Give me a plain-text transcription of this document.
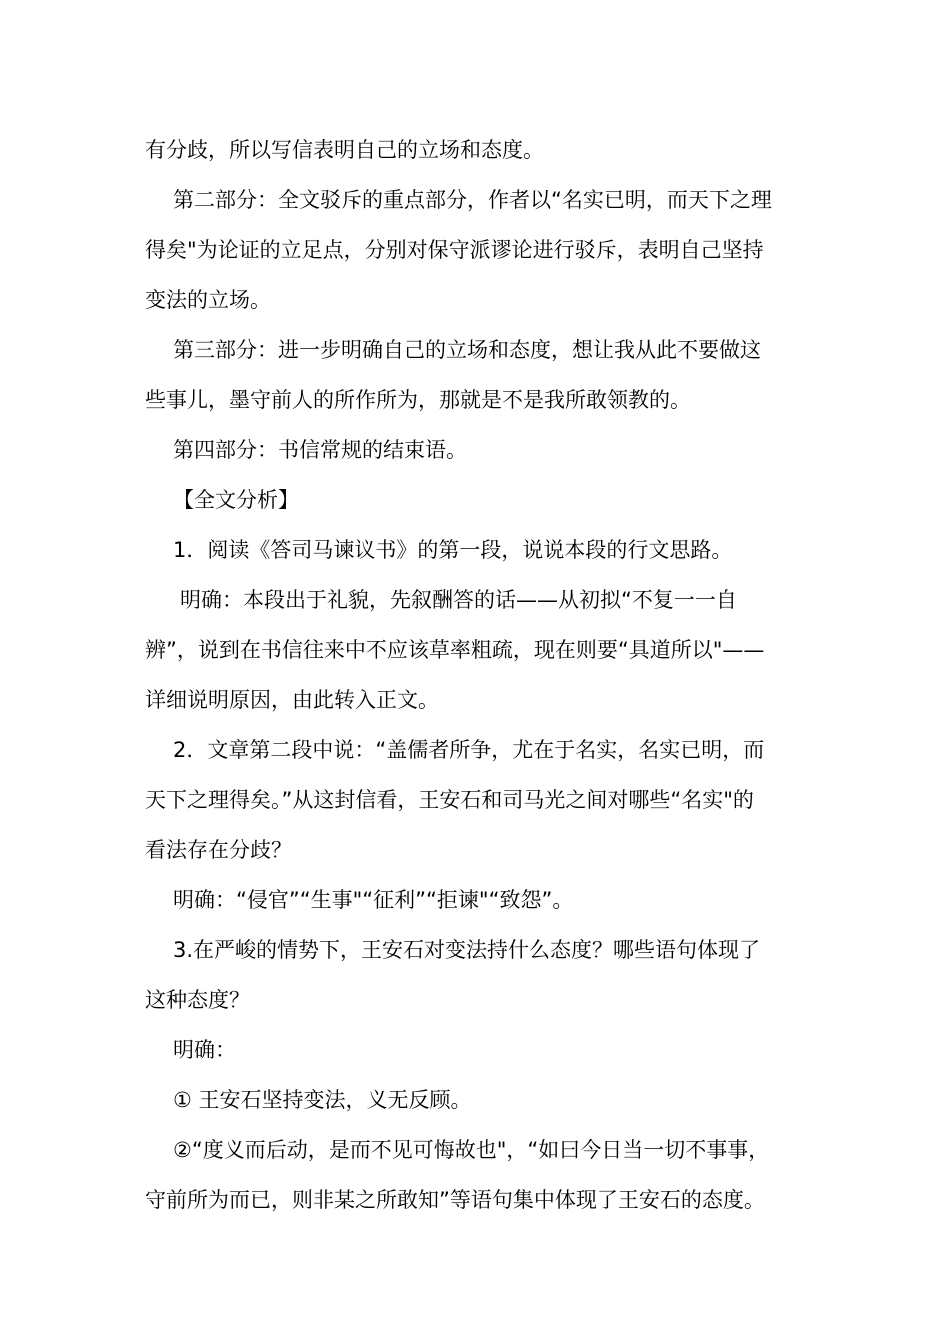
有分歧，所以写信表明自己的立场和态度。
第二部分：全文驳斥的重点部分，作者以“名实已明，而天下之理
得矣"为论证的立足点，分别对保守派谬论进行驳斥，表明自己坚持
变法的立场。
第三部分：进一步明确自己的立场和态度，想让我从此不要做这
些事儿，墨守前人的所作所为，那就是不是我所敢领教的。
第四部分：书信常规的结束语。
【全文分析】
1．阅读《答司马谏议书》的第一段，说说本段的行文思路。
明确：本段出于礼貌，先叙酬答的话——从初拟“不复一一自
辨”，说到在书信往来中不应该草率粗疏，现在则要“具道所以"——
详细说明原因，由此转入正文。
2．文章第二段中说：“盖儒者所争，尤在于名实，名实已明，而
天下之理得矣。”从这封信看，王安石和司马光之间对哪些“名实"的
看法存在分歧？
明确：“侵官”“生事"“征利”“拒谏"“致怨”。
3.在严峻的情势下，王安石对变法持什么态度？哪些语句体现了
这种态度？
明确：
① 王安石坚持变法，义无反顾。
②“度义而后动，是而不见可悔故也"，“如曰今日当一切不事事，
守前所为而已，则非某之所敢知”等语句集中体现了王安石的态度。
